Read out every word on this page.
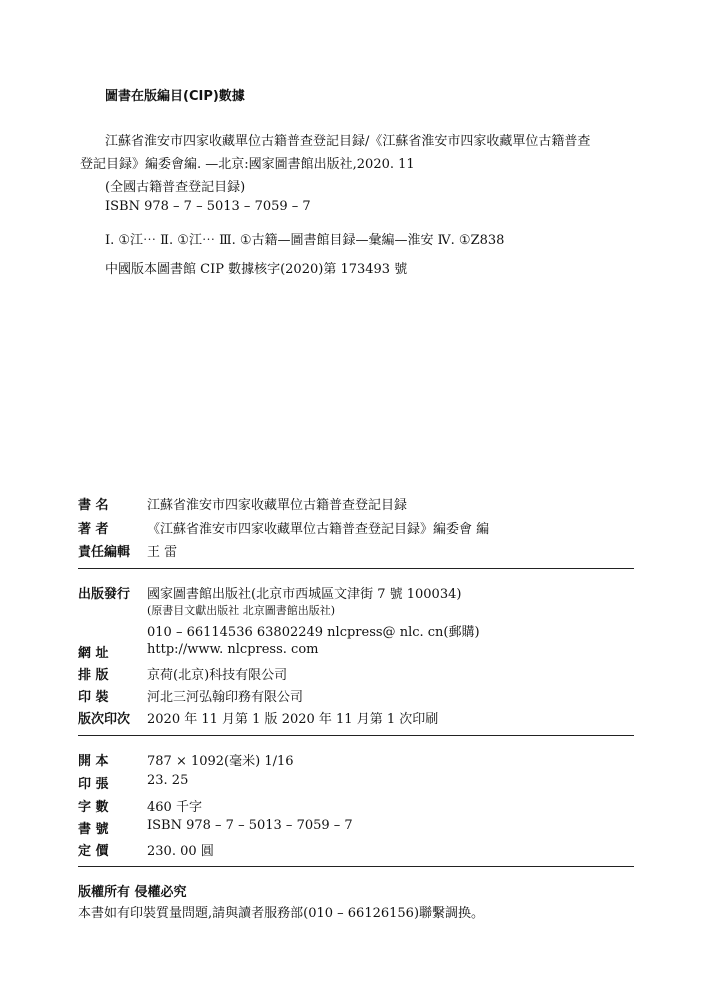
圖書在版編目(CIP)數據
江蘇省淮安市四家收藏單位古籍普查登記目録/《江蘇省淮安市四家收藏單位古籍普查
登記目録》編委會編. —北京:國家圖書館出版社,2020. 11
(全國古籍普查登記目録)
ISBN 978 – 7 – 5013 – 7059 – 7
Ⅰ. ①江⋯ Ⅱ. ①江⋯ Ⅲ. ①古籍—圖書館目録—彙編—淮安 Ⅳ. ①Z838
中國版本圖書館 CIP 數據核字(2020)第 173493 號
書 名	江蘇省淮安市四家收藏單位古籍普查登記目録
著 者	《江蘇省淮安市四家收藏單位古籍普查登記目録》編委會 編
責任編輯 王 雷
出版發行 國家圖書館出版社(北京市西城區文津街 7 號 100034)
(原書目文獻出版社 北京圖書館出版社)
010 – 66114536 63802249 nlcpress@ nlc. cn(郵購)
網 址	http://www. nlcpress. com
排 版	京荷(北京)科技有限公司
印 裝	河北三河弘翰印務有限公司
版次印次 2020 年 11 月第 1 版 2020 年 11 月第 1 次印刷
開 本	787 × 1092(毫米) 1/16
印 張	23. 25
字 數	460 千字
書 號	ISBN 978 – 7 – 5013 – 7059 – 7
定 價	230. 00 圓
版權所有 侵權必究
本書如有印裝質量問題,請與讀者服務部(010 – 66126156)聯繫調换。
